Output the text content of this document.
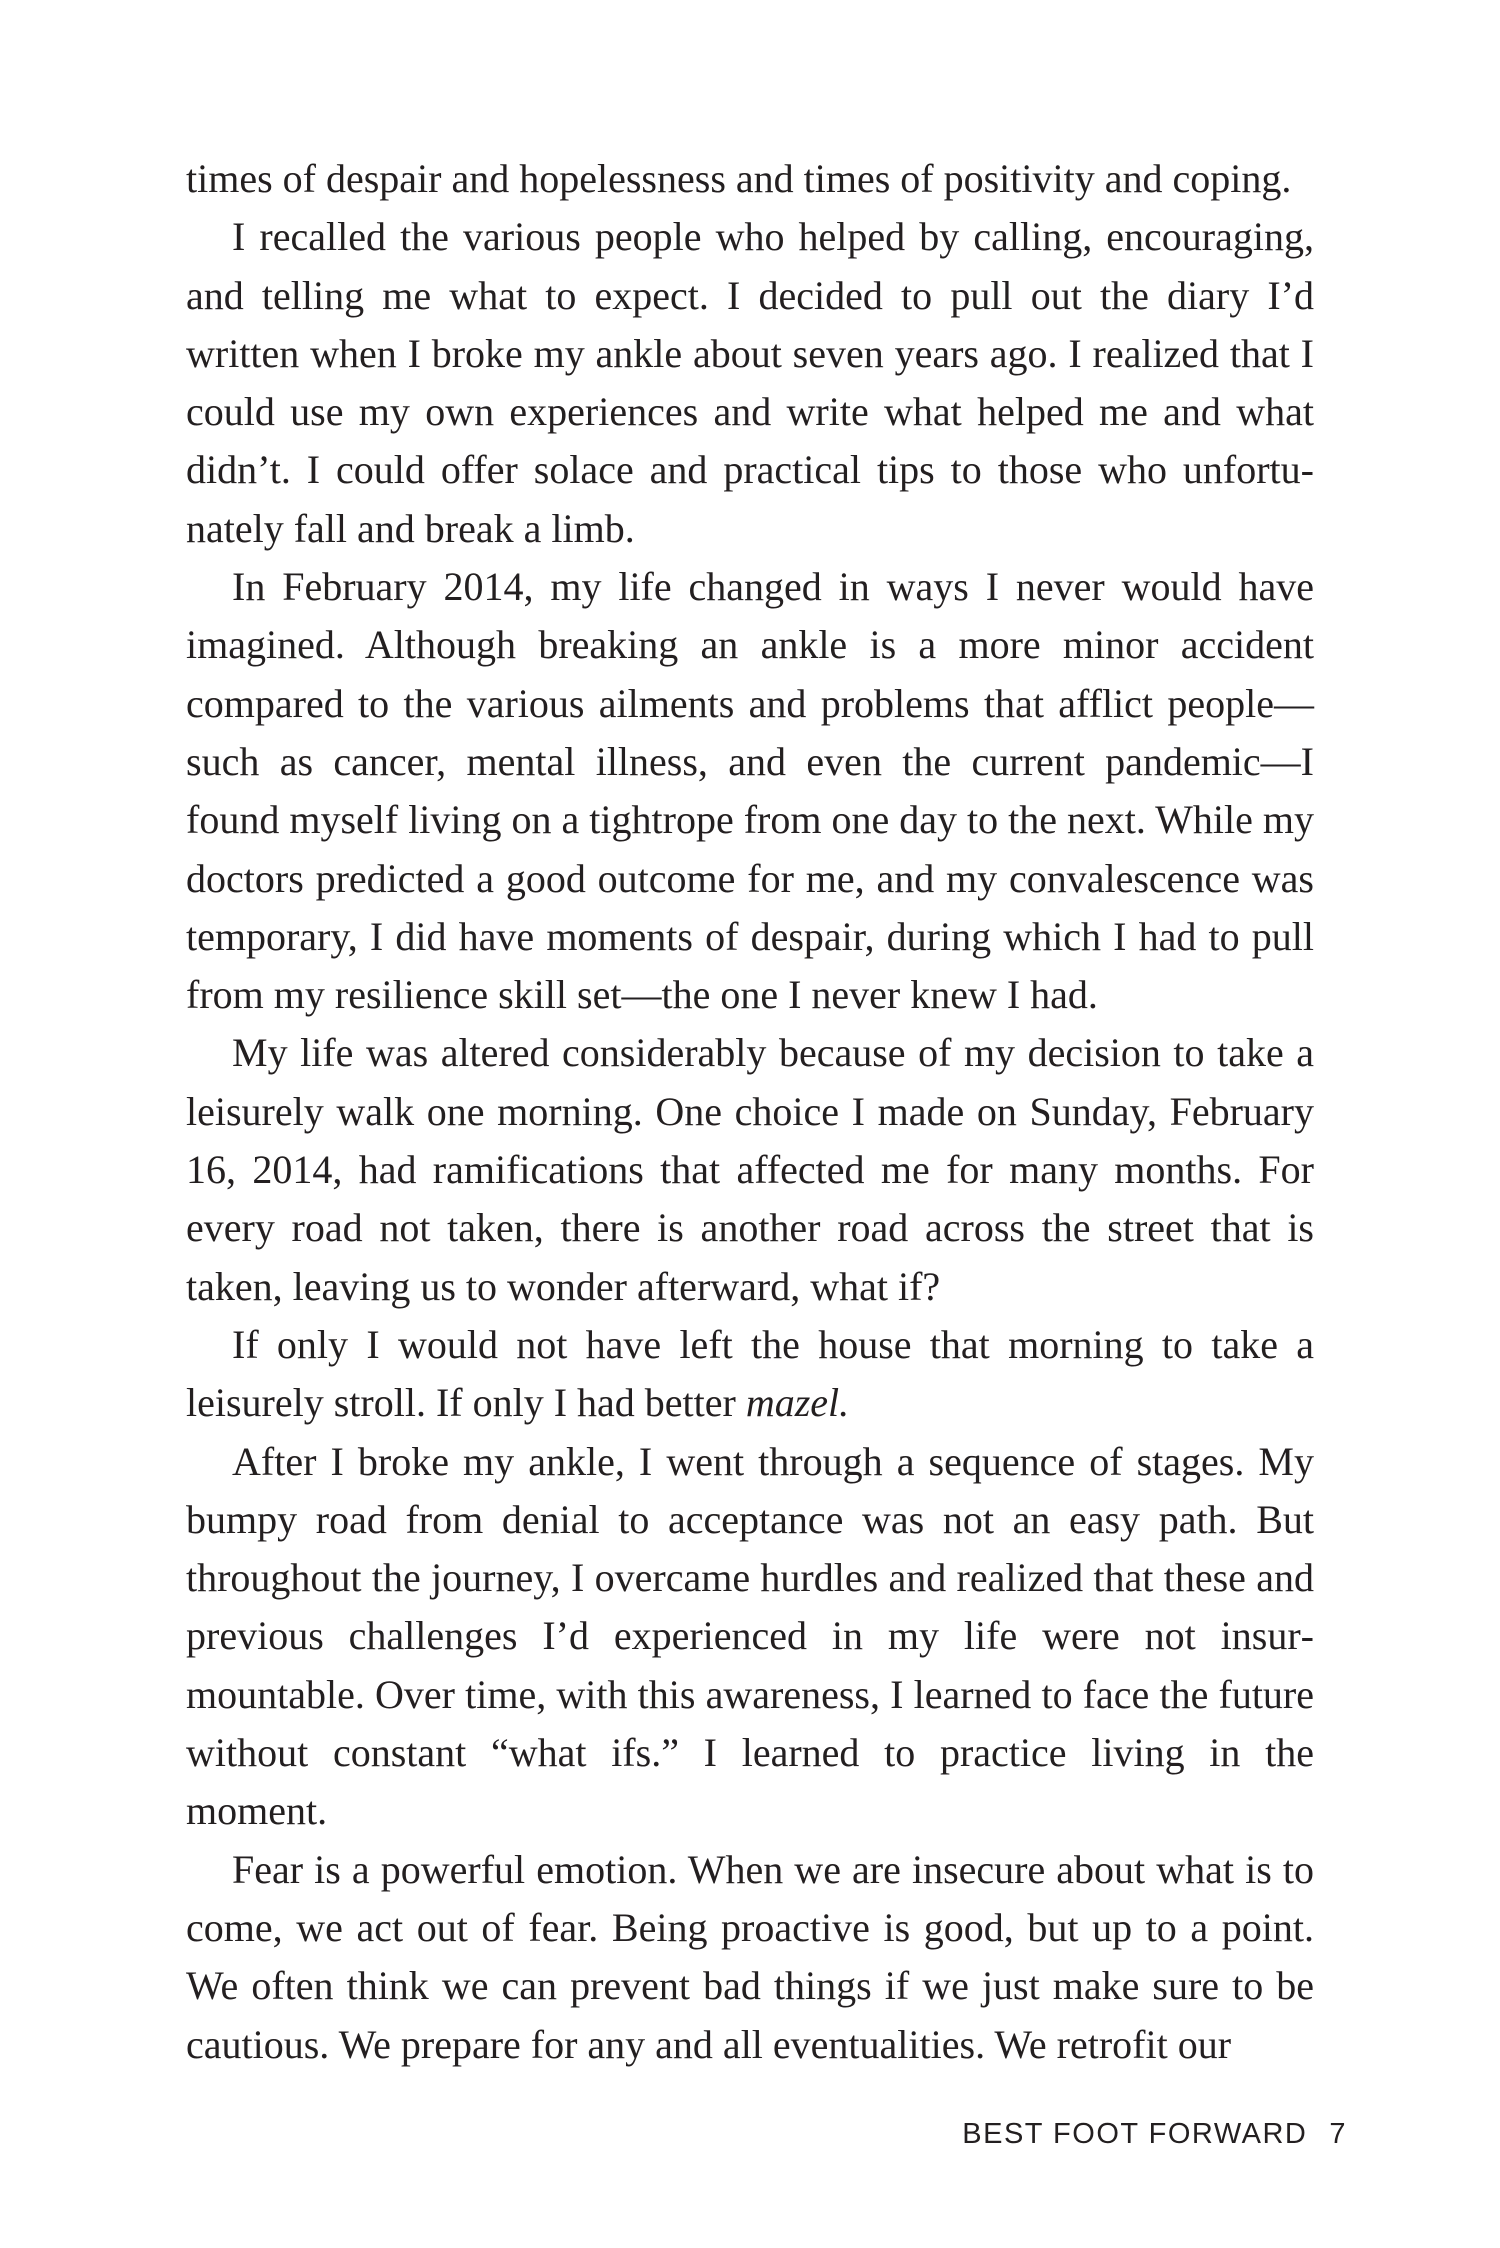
times of despair and hopelessness and times of positivity and coping.

I recalled the various people who helped by calling, encouraging, and telling me what to expect. I decided to pull out the diary I’d written when I broke my ankle about seven years ago. I realized that I could use my own experiences and write what helped me and what didn’t. I could offer solace and practical tips to those who unfortunately fall and break a limb.

In February 2014, my life changed in ways I never would have imagined. Although breaking an ankle is a more minor accident compared to the various ailments and problems that afflict people—such as cancer, mental illness, and even the current pandemic—I found myself living on a tightrope from one day to the next. While my doctors predicted a good outcome for me, and my convalescence was temporary, I did have moments of despair, during which I had to pull from my resilience skill set—the one I never knew I had.

My life was altered considerably because of my decision to take a leisurely walk one morning. One choice I made on Sunday, February 16, 2014, had ramifications that affected me for many months. For every road not taken, there is another road across the street that is taken, leaving us to wonder afterward, what if?

If only I would not have left the house that morning to take a leisurely stroll. If only I had better mazel.

After I broke my ankle, I went through a sequence of stages. My bumpy road from denial to acceptance was not an easy path. But throughout the journey, I overcame hurdles and realized that these and previous challenges I’d experienced in my life were not insurmountable. Over time, with this awareness, I learned to face the future without constant “what ifs.” I learned to practice living in the moment.

Fear is a powerful emotion. When we are insecure about what is to come, we act out of fear. Being proactive is good, but up to a point. We often think we can prevent bad things if we just make sure to be cautious. We prepare for any and all eventualities. We retrofit our

BEST FOOT FORWARD 7
